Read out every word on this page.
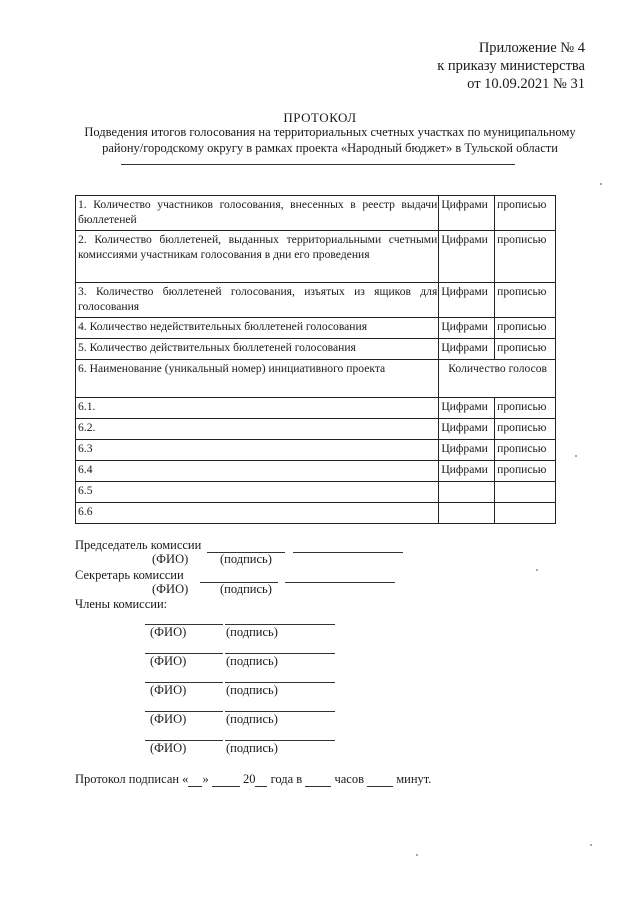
Приложение № 4
к приказу министерства
от 10.09.2021 № 31
ПРОТОКОЛ
Подведения итогов голосования на территориальных счетных участках по муниципальному
району/городскому округу в рамках проекта «Народный бюджет» в Тульской области
1. Количество участников голосования, внесенных в реестр выдачи бюллетеней	Цифрами	прописью
2. Количество бюллетеней, выданных территориальными счетными комиссиями участникам голосования в дни его проведения	Цифрами	прописью
3. Количество бюллетеней голосования, изъятых из ящиков для голосования	Цифрами	прописью
4. Количество недействительных бюллетеней голосования	Цифрами	прописью
5. Количество действительных бюллетеней голосования	Цифрами	прописью
6. Наименование (уникальный номер) инициативного проекта	Количество голосов	
6.1.	Цифрами	прописью
6.2.	Цифрами	прописью
6.3	Цифрами	прописью
6.4	Цифрами	прописью
6.5		
6.6		
Председатель комиссии
(ФИО)	(подпись)
Секретарь комиссии
(ФИО)	(подпись)
Члены комиссии:
(ФИО)	(подпись)
(ФИО)	(подпись)
(ФИО)	(подпись)
(ФИО)	(подпись)
(ФИО)	(подпись)
Протокол подписан « »	20 года в	часов	минут.
